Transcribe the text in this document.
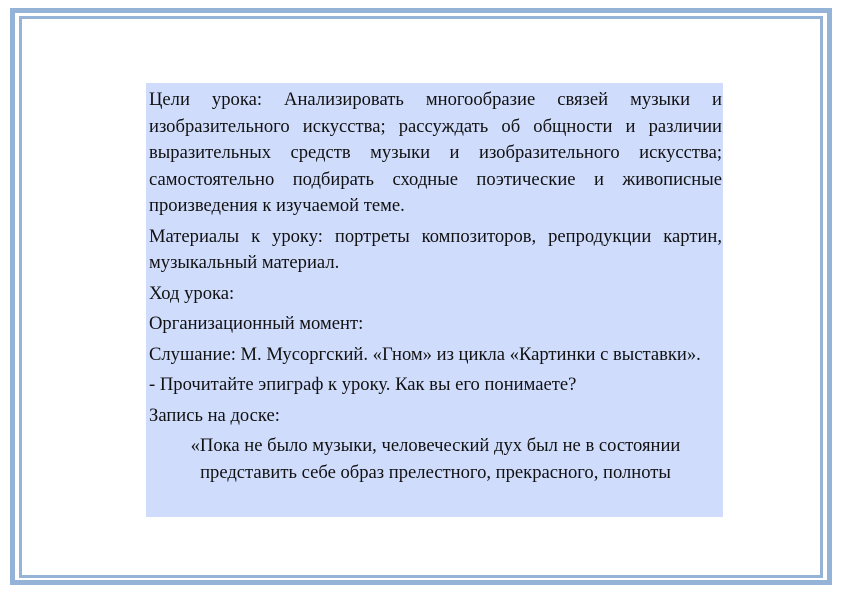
Цели урока: Анализировать многообразие связей музыки и изобразительного искусства; рассуждать об общности и различии выразительных средств музыки и изобразительного искусства; самостоятельно подбирать сходные поэтические и живописные произведения к изучаемой теме.

Материалы к уроку: портреты композиторов, репродукции картин, музыкальный материал.

Ход урока:

Организационный момент:

Слушание: М. Мусоргский. «Гном» из цикла «Картинки с выставки».

- Прочитайте эпиграф к уроку. Как вы его понимаете?

Запись на доске:

«Пока не было музыки, человеческий дух был не в состоянии представить себе образ прелестного, прекрасного, полноты
